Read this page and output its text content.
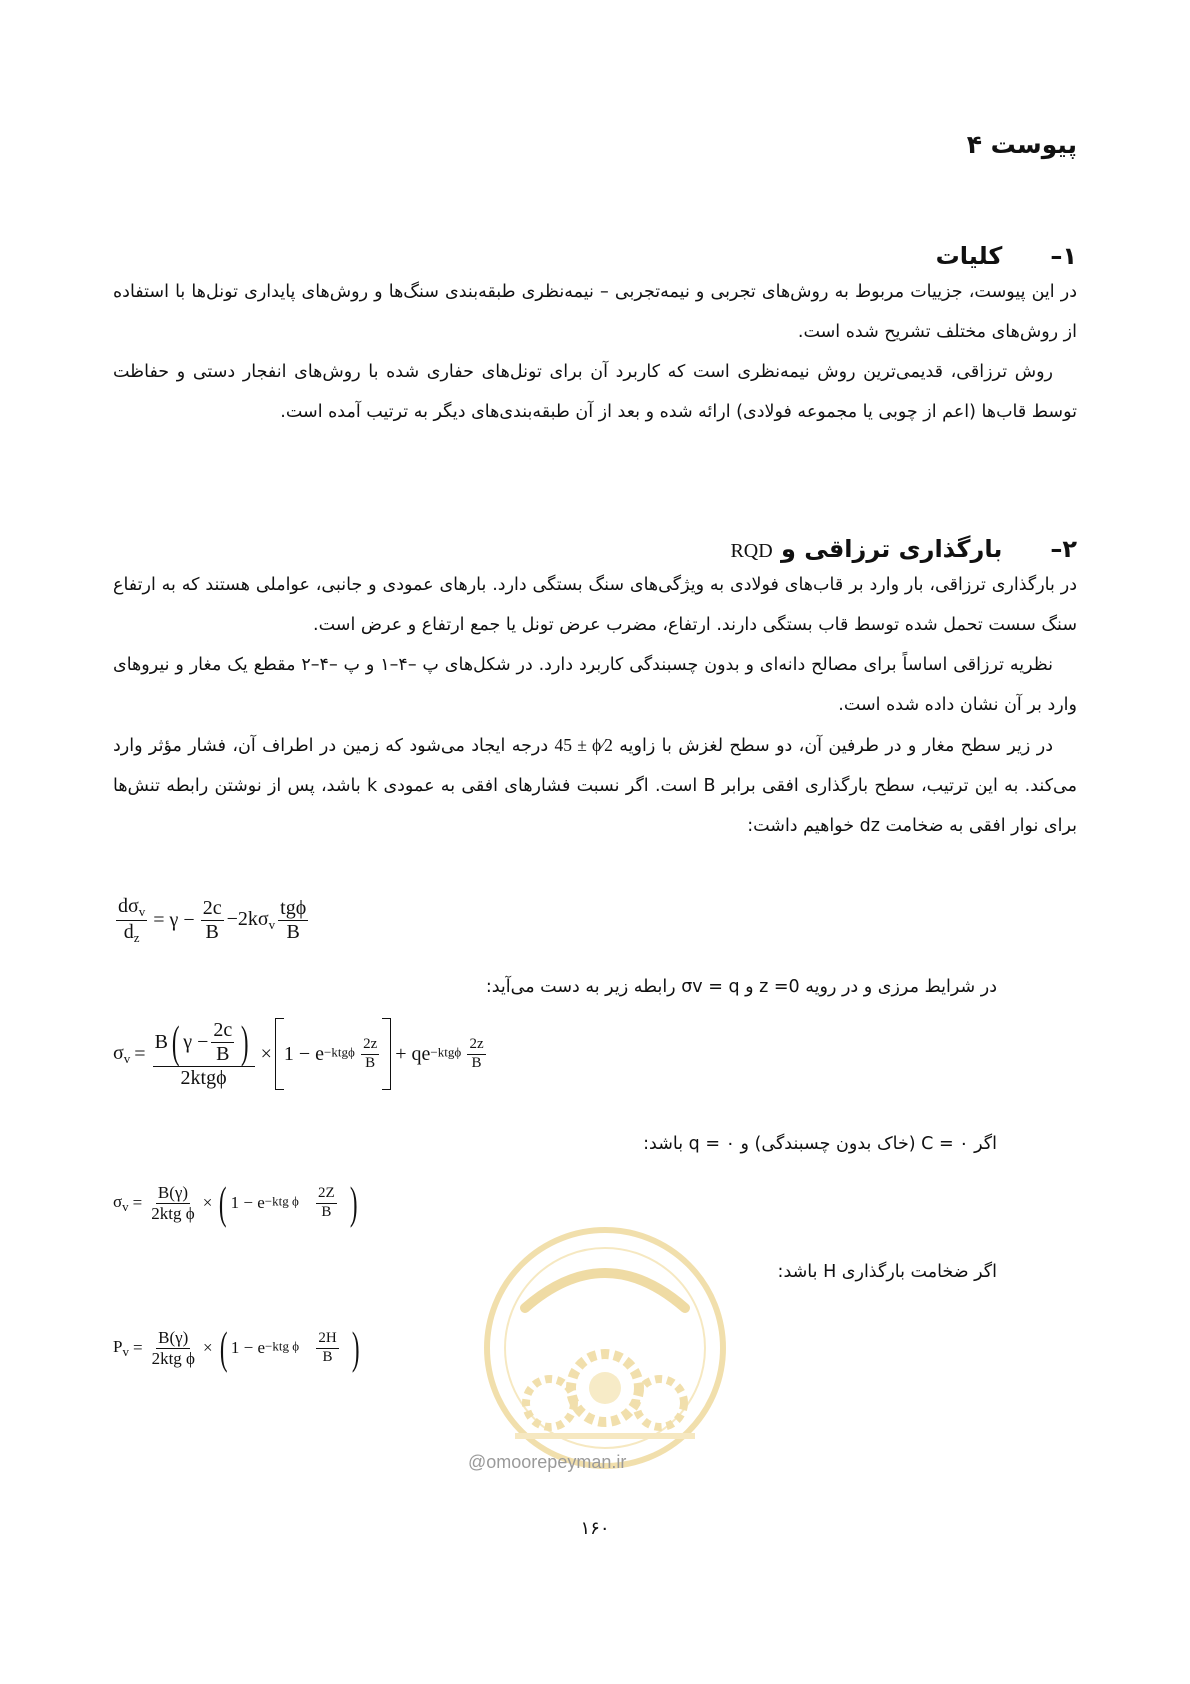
پیوست ۴
۱–
کلیات
در این پیوست، جزییات مربوط به روش‌های تجربی و نیمه‌تجربی – نیمه‌نظری طبقه‌بندی سنگ‌ها و روش‌های پایداری تونل‌ها با استفاده از روش‌های مختلف تشریح شده است.
روش ترزاقی، قدیمی‌ترین روش نیمه‌نظری است که کاربرد آن برای تونل‌های حفاری شده با روش‌های انفجار دستی و حفاظت توسط قاب‌ها (اعم از چوبی یا مجموعه فولادی) ارائه شده و بعد از آن طبقه‌بندی‌های دیگر به ترتیب آمده است.
۲–
بارگذاری ترزاقی و RQD
در بارگذاری ترزاقی، بار وارد بر قاب‌های فولادی به ویژگی‌های سنگ بستگی دارد. بارهای عمودی و جانبی، عواملی هستند که به ارتفاع سنگ سست تحمل شده توسط قاب بستگی دارند. ارتفاع، مضرب عرض تونل یا جمع ارتفاع و عرض است.
نظریه ترزاقی اساساً برای مصالح دانه‌ای و بدون چسبندگی کاربرد دارد. در شکل‌های پ –۴–۱ و پ –۴–۲ مقطع یک مغار و نیروهای وارد بر آن نشان داده شده است.
در زیر سطح مغار و در طرفین آن، دو سطح لغزش با زاویه 45 ± ϕ⁄2 درجه ایجاد می‌شود که زمین در اطراف آن، فشار مؤثر وارد می‌کند. به این ترتیب، سطح بارگذاری افقی برابر B است. اگر نسبت فشارهای افقی به عمودی k باشد، پس از نوشتن رابطه تنش‌ها برای نوار افقی به ضخامت dz خواهیم داشت:
$\frac{d\sigma_v}{d_z} = \gamma - \frac{2c}{B} -2k\sigma_v \frac{\text{tgϕ}}{B}$
در شرایط مرزی و در رویه z =0 و σv = q رابطه زیر به دست می‌آید:
$\sigma_v$ =
B ( $\gamma - \frac{2c}{B}$ )
2ktgϕ
× $1 - e -ktg\phi \frac{2z}{B}$ + qe $-ktg\phi \frac{2z}{B}$
اگر C = ۰ (خاک بدون چسبندگی) و q = ۰ باشد:
$\sigma_v = \frac{B(\gamma)}{\text{2ktg ϕ}}$ × ( 1 − e −ktg ϕ $\frac{2Z}{B}$ )
اگر ضخامت بارگذاری H باشد:
$P_v = \frac{B(\gamma)}{\text{2ktg ϕ}}$ × ( 1 − e −ktg ϕ $\frac{2H}{B}$ )
@omoorepeyman.ir
۱۶۰
